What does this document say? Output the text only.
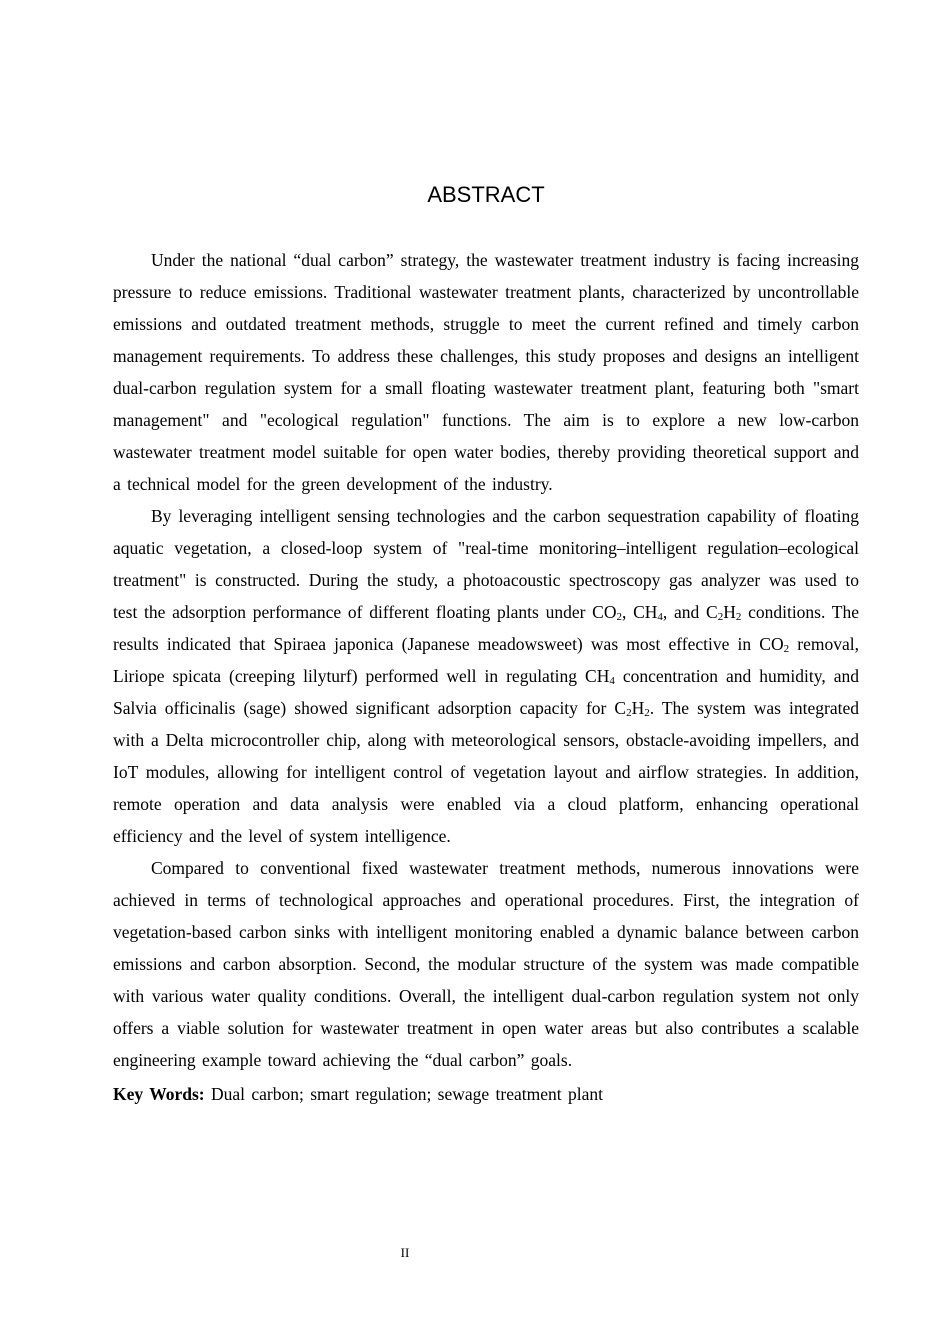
ABSTRACT

Under the national “dual carbon” strategy, the wastewater treatment industry is facing increasing pressure to reduce emissions. Traditional wastewater treatment plants, characterized by uncontrollable emissions and outdated treatment methods, struggle to meet the current refined and timely carbon management requirements. To address these challenges, this study proposes and designs an intelligent dual-carbon regulation system for a small floating wastewater treatment plant, featuring both "smart management" and "ecological regulation" functions. The aim is to explore a new low-carbon wastewater treatment model suitable for open water bodies, thereby providing theoretical support and a technical model for the green development of the industry.

By leveraging intelligent sensing technologies and the carbon sequestration capability of floating aquatic vegetation, a closed-loop system of "real-time monitoring–intelligent regulation–ecological treatment" is constructed. During the study, a photoacoustic spectroscopy gas analyzer was used to test the adsorption performance of different floating plants under $CO_2$, $CH_4$, and $C_2H_2$ conditions. The results indicated that Spiraea japonica (Japanese meadowsweet) was most effective in $CO_2$ removal, Liriope spicata (creeping lilyturf) performed well in regulating $CH_4$ concentration and humidity, and Salvia officinalis (sage) showed significant adsorption capacity for $C_2H_2$. The system was integrated with a Delta microcontroller chip, along with meteorological sensors, obstacle-avoiding impellers, and IoT modules, allowing for intelligent control of vegetation layout and airflow strategies. In addition, remote operation and data analysis were enabled via a cloud platform, enhancing operational efficiency and the level of system intelligence.

Compared to conventional fixed wastewater treatment methods, numerous innovations were achieved in terms of technological approaches and operational procedures. First, the integration of vegetation-based carbon sinks with intelligent monitoring enabled a dynamic balance between carbon emissions and carbon absorption. Second, the modular structure of the system was made compatible with various water quality conditions. Overall, the intelligent dual-carbon regulation system not only offers a viable solution for wastewater treatment in open water areas but also contributes a scalable engineering example toward achieving the “dual carbon” goals.

Key Words: Dual carbon; smart regulation; sewage treatment plant

II
